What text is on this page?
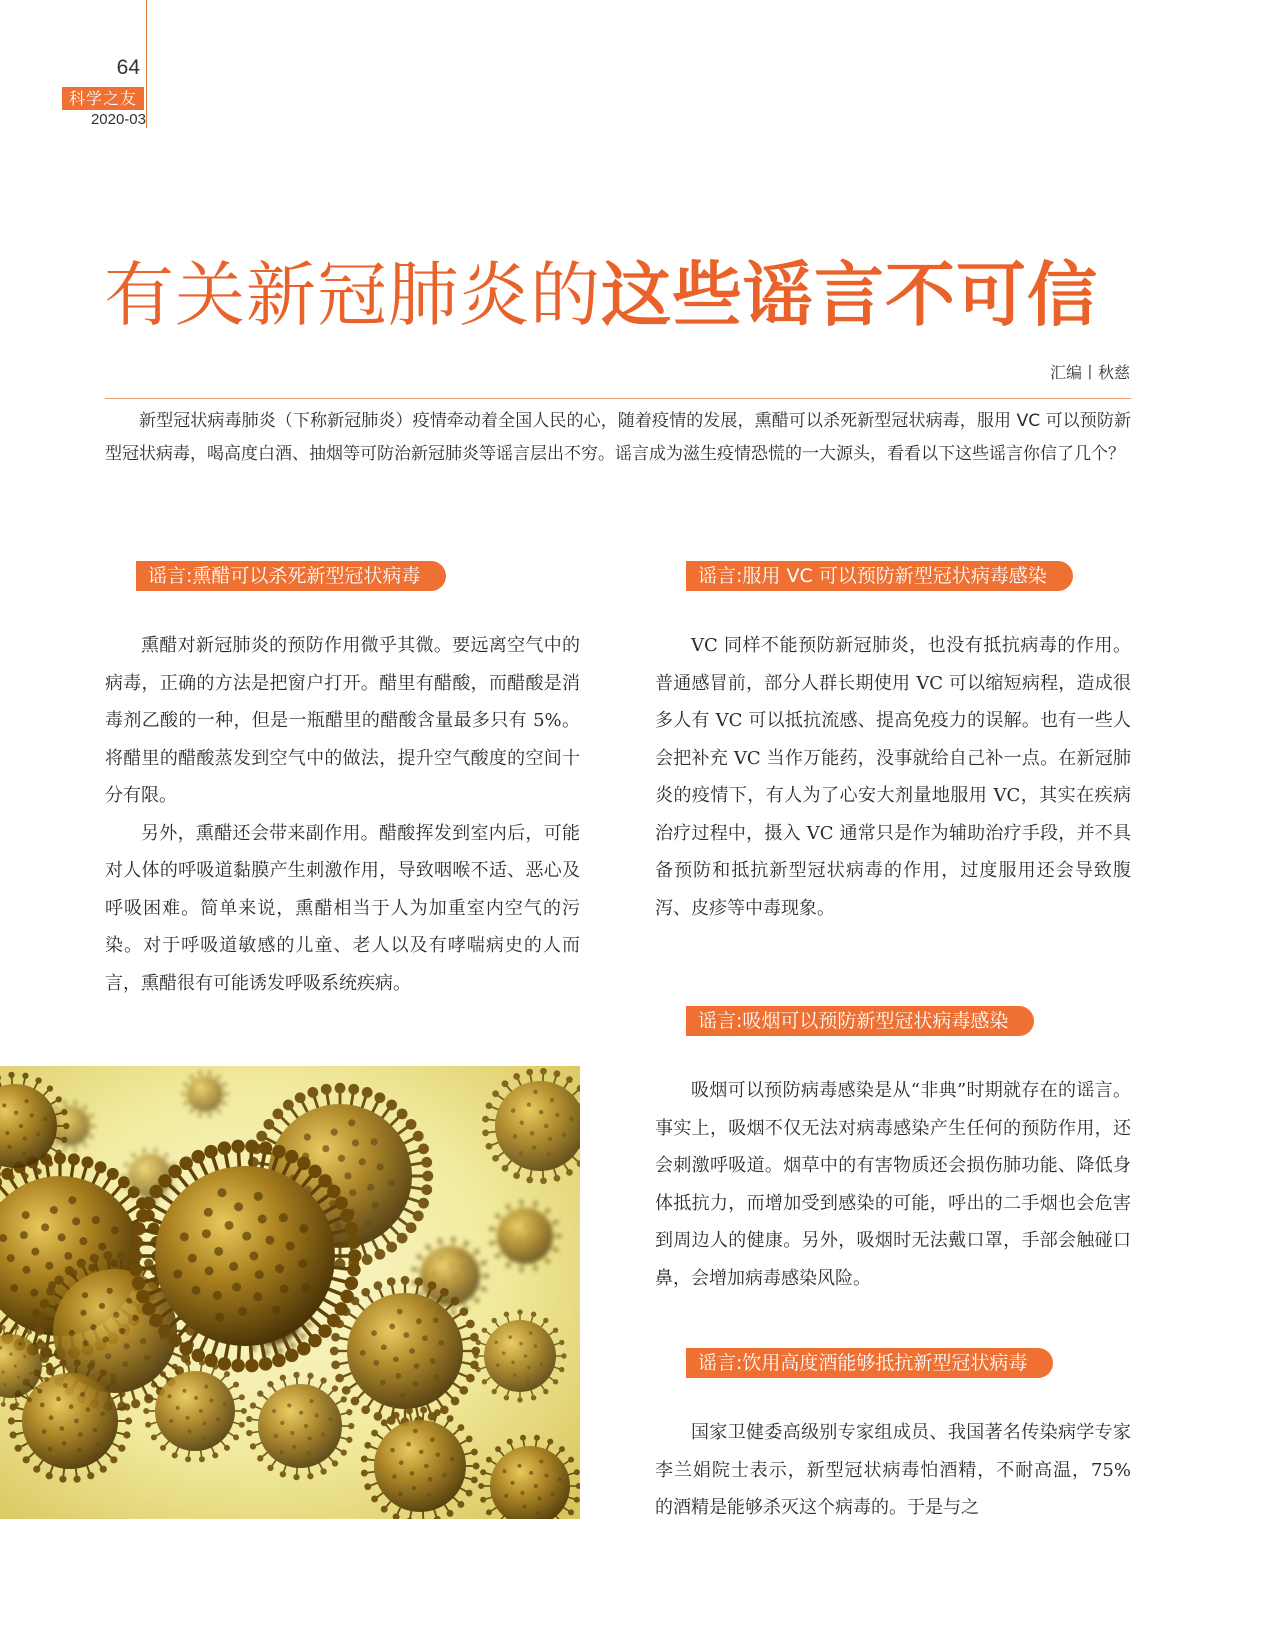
64
科学之友
2020-03
有关新冠肺炎的这些谣言不可信
汇编丨秋慈

新型冠状病毒肺炎（下称新冠肺炎）疫情牵动着全国人民的心，随着疫情的发展，熏醋可以杀死新型冠状病毒，服用 VC 可以预防新型冠状病毒，喝高度白酒、抽烟等可防治新冠肺炎等谣言层出不穷。谣言成为滋生疫情恐慌的一大源头，看看以下这些谣言你信了几个？

谣言:熏醋可以杀死新型冠状病毒

熏醋对新冠肺炎的预防作用微乎其微。要远离空气中的病毒，正确的方法是把窗户打开。醋里有醋酸，而醋酸是消毒剂乙酸的一种，但是一瓶醋里的醋酸含量最多只有 5%。将醋里的醋酸蒸发到空气中的做法，提升空气酸度的空间十分有限。

另外，熏醋还会带来副作用。醋酸挥发到室内后，可能对人体的呼吸道黏膜产生刺激作用，导致咽喉不适、恶心及呼吸困难。简单来说，熏醋相当于人为加重室内空气的污染。对于呼吸道敏感的儿童、老人以及有哮喘病史的人而言，熏醋很有可能诱发呼吸系统疾病。

谣言:服用 VC 可以预防新型冠状病毒感染

VC 同样不能预防新冠肺炎，也没有抵抗病毒的作用。普通感冒前，部分人群长期使用 VC 可以缩短病程，造成很多人有 VC 可以抵抗流感、提高免疫力的误解。也有一些人会把补充 VC 当作万能药，没事就给自己补一点。在新冠肺炎的疫情下，有人为了心安大剂量地服用 VC，其实在疾病治疗过程中，摄入 VC 通常只是作为辅助治疗手段，并不具备预防和抵抗新型冠状病毒的作用，过度服用还会导致腹泻、皮疹等中毒现象。

谣言:吸烟可以预防新型冠状病毒感染

吸烟可以预防病毒感染是从“非典”时期就存在的谣言。事实上，吸烟不仅无法对病毒感染产生任何的预防作用，还会刺激呼吸道。烟草中的有害物质还会损伤肺功能、降低身体抵抗力，而增加受到感染的可能，呼出的二手烟也会危害到周边人的健康。另外，吸烟时无法戴口罩，手部会触碰口鼻，会增加病毒感染风险。

谣言:饮用高度酒能够抵抗新型冠状病毒

国家卫健委高级别专家组成员、我国著名传染病学专家李兰娟院士表示，新型冠状病毒怕酒精，不耐高温，75% 的酒精是能够杀灭这个病毒的。于是与之
